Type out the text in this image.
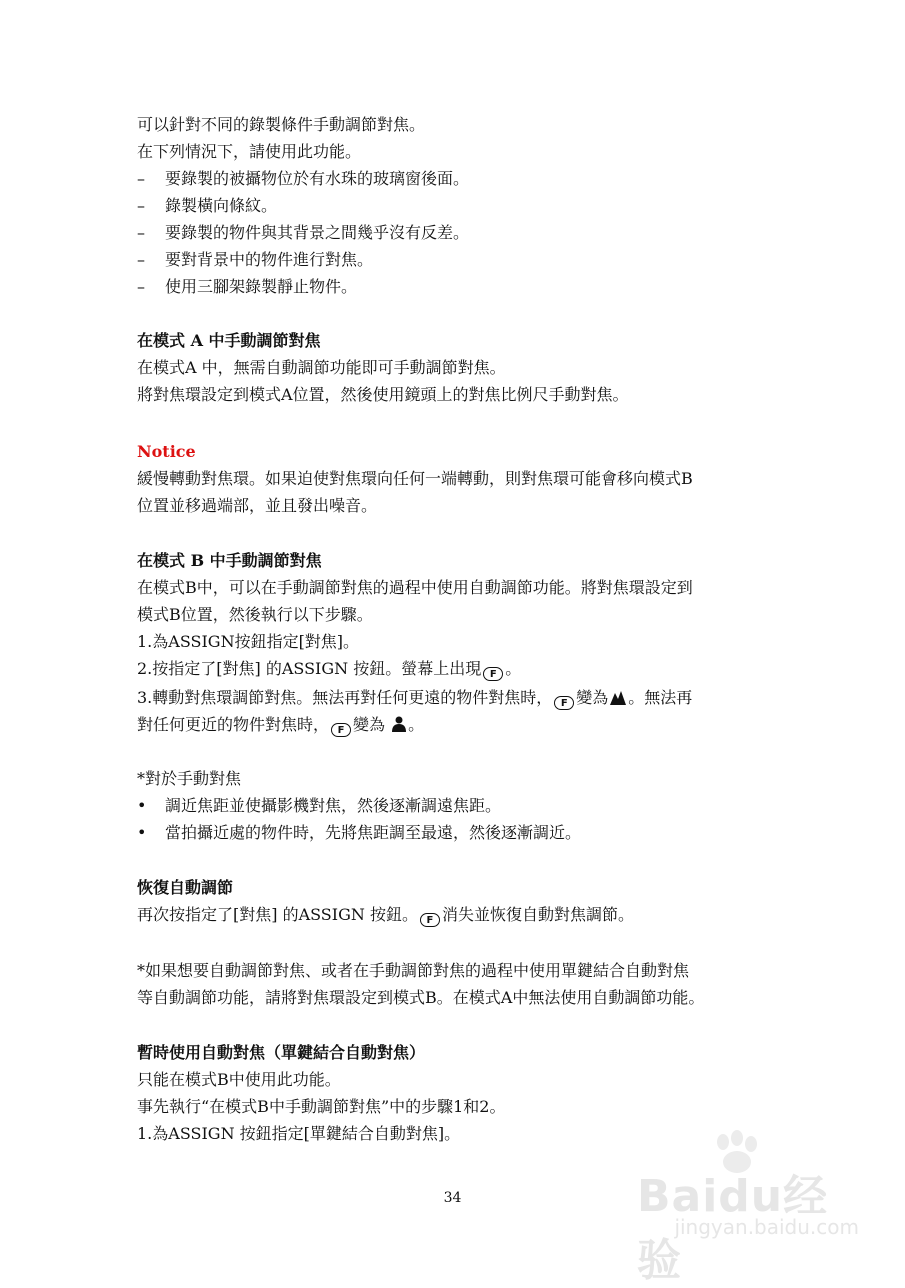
可以針對不同的錄製條件手動調節對焦。
在下列情況下，請使用此功能。
– 要錄製的被攝物位於有水珠的玻璃窗後面。
– 錄製橫向條紋。
– 要錄製的物件與其背景之間幾乎沒有反差。
– 要對背景中的物件進行對焦。
– 使用三腳架錄製靜止物件。
在模式 A 中手動調節對焦
在模式A 中，無需自動調節功能即可手動調節對焦。
將對焦環設定到模式A位置，然後使用鏡頭上的對焦比例尺手動對焦。
Notice
緩慢轉動對焦環。如果迫使對焦環向任何一端轉動，則對焦環可能會移向模式B
位置並移過端部，並且發出噪音。
在模式 B 中手動調節對焦
在模式B中，可以在手動調節對焦的過程中使用自動調節功能。將對焦環設定到
模式B位置，然後執行以下步驟。
1.為ASSIGN按鈕指定[對焦]。
2.按指定了[對焦] 的ASSIGN 按鈕。螢幕上出現 F 。
3.轉動對焦環調節對焦。無法再對任何更遠的物件對焦時， F 變為 。無法再
對任何更近的物件對焦時， F 變為 。
*對於手動對焦
• 調近焦距並使攝影機對焦，然後逐漸調遠焦距。
• 當拍攝近處的物件時，先將焦距調至最遠，然後逐漸調近。
恢復自動調節
再次按指定了[對焦] 的ASSIGN 按鈕。 F 消失並恢復自動對焦調節。
*如果想要自動調節對焦、或者在手動調節對焦的過程中使用單鍵結合自動對焦
等自動調節功能，請將對焦環設定到模式B。在模式A中無法使用自動調節功能。
暫時使用自動對焦（單鍵結合自動對焦）
只能在模式B中使用此功能。
事先執行“在模式B中手動調節對焦”中的步驟1和2。
1.為ASSIGN 按鈕指定[單鍵結合自動對焦]。
34	Baidu经验
jingyan.baidu.com
